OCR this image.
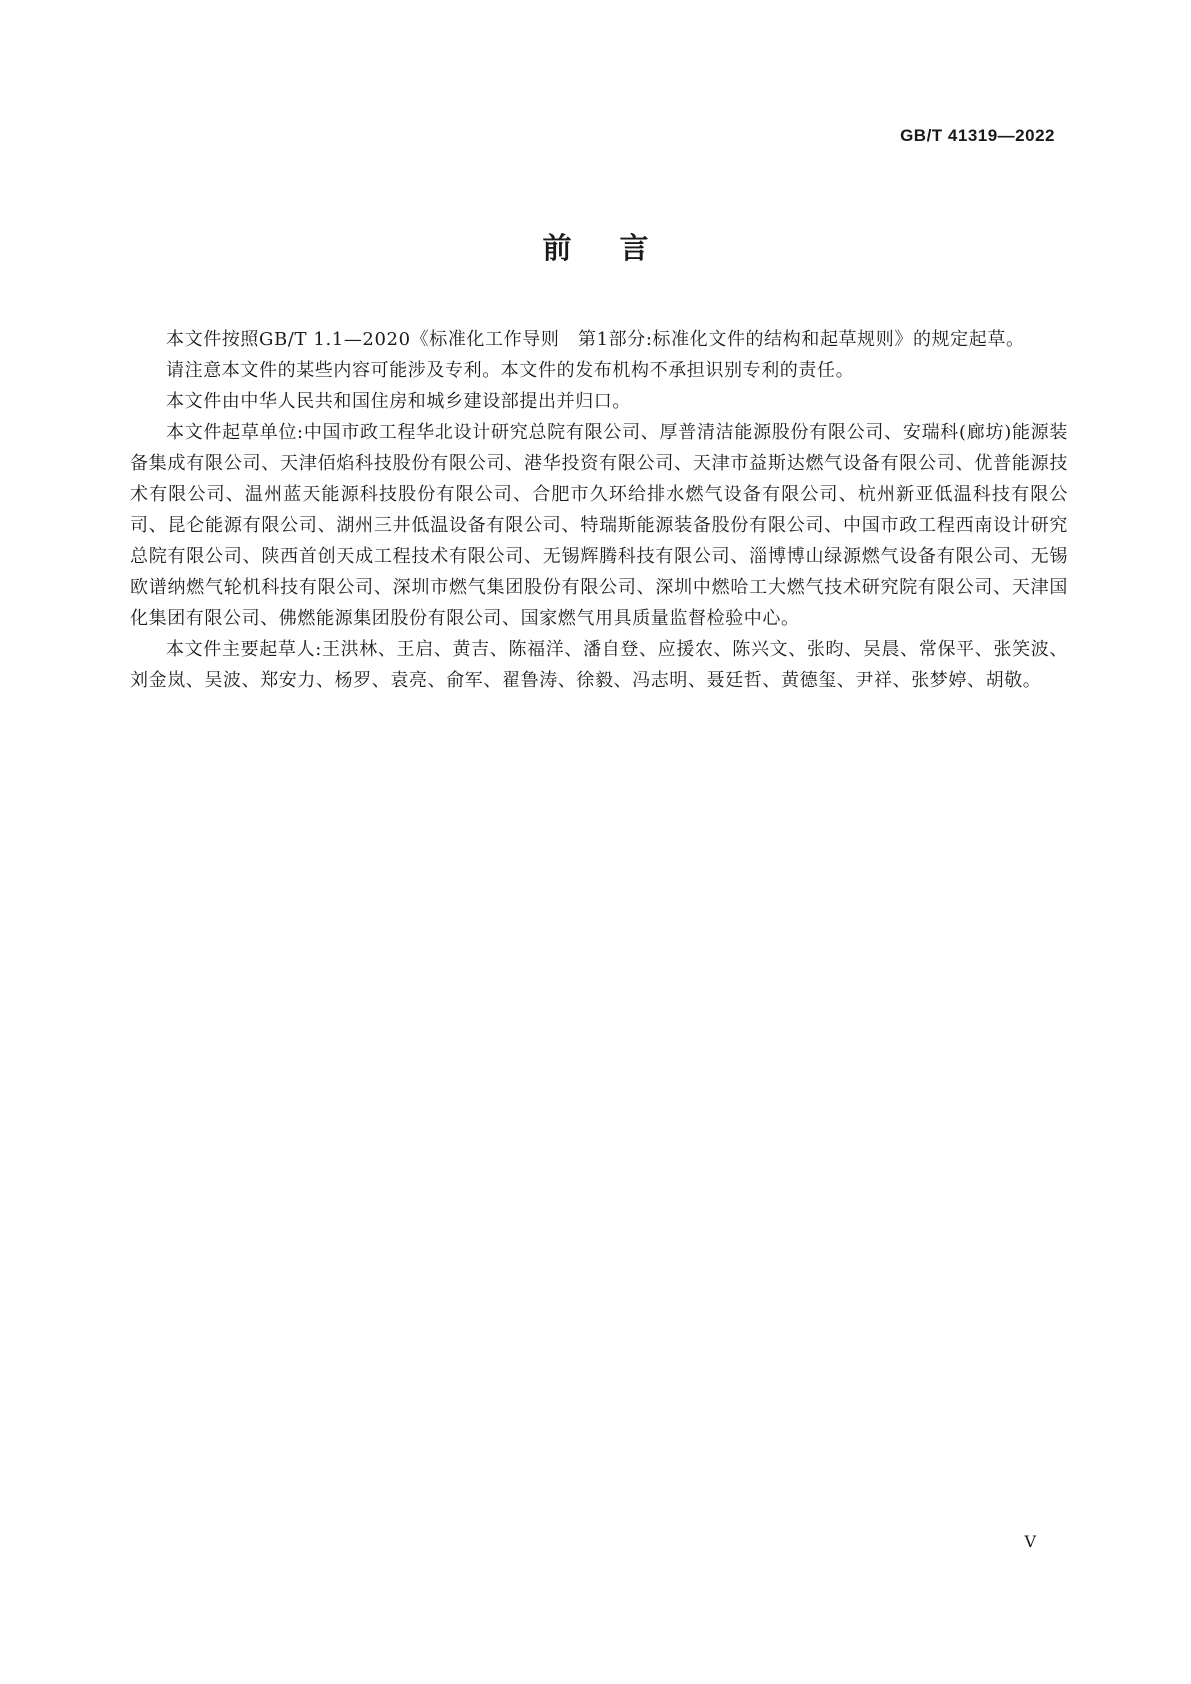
GB/T 41319—2022
前言

本文件按照GB/T 1.1—2020《标准化工作导则　第1部分:标准化文件的结构和起草规则》的规定起草。

请注意本文件的某些内容可能涉及专利。本文件的发布机构不承担识别专利的责任。

本文件由中华人民共和国住房和城乡建设部提出并归口。

本文件起草单位:中国市政工程华北设计研究总院有限公司、厚普清洁能源股份有限公司、安瑞科(廊坊)能源装备集成有限公司、天津佰焰科技股份有限公司、港华投资有限公司、天津市益斯达燃气设备有限公司、优普能源技术有限公司、温州蓝天能源科技股份有限公司、合肥市久环给排水燃气设备有限公司、杭州新亚低温科技有限公司、昆仑能源有限公司、湖州三井低温设备有限公司、特瑞斯能源装备股份有限公司、中国市政工程西南设计研究总院有限公司、陕西首创天成工程技术有限公司、无锡辉腾科技有限公司、淄博博山绿源燃气设备有限公司、无锡欧谱纳燃气轮机科技有限公司、深圳市燃气集团股份有限公司、深圳中燃哈工大燃气技术研究院有限公司、天津国化集团有限公司、佛燃能源集团股份有限公司、国家燃气用具质量监督检验中心。

本文件主要起草人:王洪林、王启、黄吉、陈福洋、潘自登、应援农、陈兴文、张昀、吴晨、常保平、张笑波、刘金岚、吴波、郑安力、杨罗、袁亮、俞军、翟鲁涛、徐毅、冯志明、聂廷哲、黄德玺、尹祥、张梦婷、胡敬。

V
